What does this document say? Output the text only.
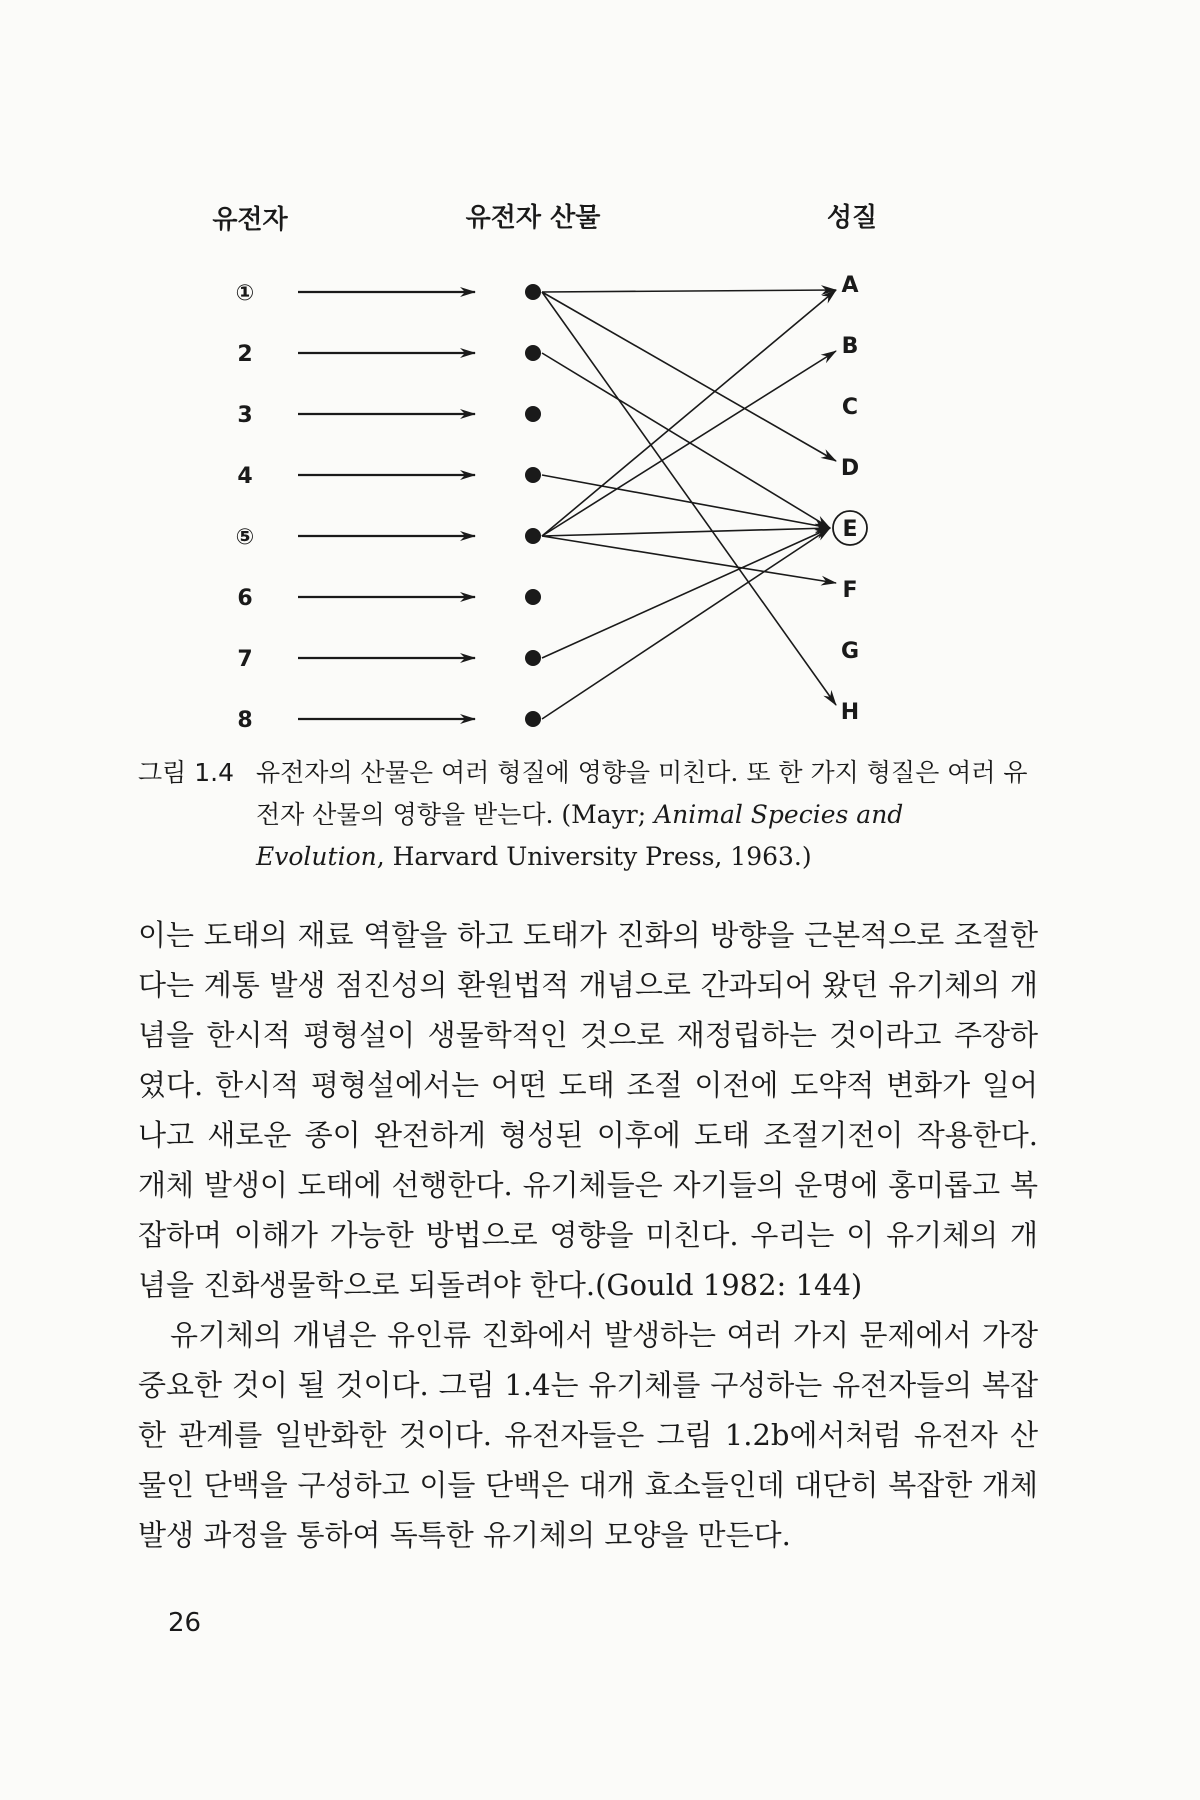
유전자	유전자 산물	성질
①
2
3
4
⑤
6
7
8
A
B
C
D
E
F
G
H
그림 1.4 유전자의 산물은 여러 형질에 영향을 미친다. 또 한 가지 형질은 여러 유전자 산물의 영향을 받는다. (Mayr; Animal Species and Evolution, Harvard University Press, 1963.)

이는 도태의 재료 역할을 하고 도태가 진화의 방향을 근본적으로 조절한다는 계통 발생 점진성의 환원법적 개념으로 간과되어 왔던 유기체의 개념을 한시적 평형설이 생물학적인 것으로 재정립하는 것이라고 주장하였다. 한시적 평형설에서는 어떤 도태 조절 이전에 도약적 변화가 일어나고 새로운 종이 완전하게 형성된 이후에 도태 조절기전이 작용한다. 개체 발생이 도태에 선행한다. 유기체들은 자기들의 운명에 홍미롭고 복잡하며 이해가 가능한 방법으로 영향을 미친다. 우리는 이 유기체의 개념을 진화생물학으로 되돌려야 한다.(Gould 1982: 144)

유기체의 개념은 유인류 진화에서 발생하는 여러 가지 문제에서 가장 중요한 것이 될 것이다. 그림 1.4는 유기체를 구성하는 유전자들의 복잡한 관계를 일반화한 것이다. 유전자들은 그림 1.2b에서처럼 유전자 산물인 단백을 구성하고 이들 단백은 대개 효소들인데 대단히 복잡한 개체 발생 과정을 통하여 독특한 유기체의 모양을 만든다.

26
